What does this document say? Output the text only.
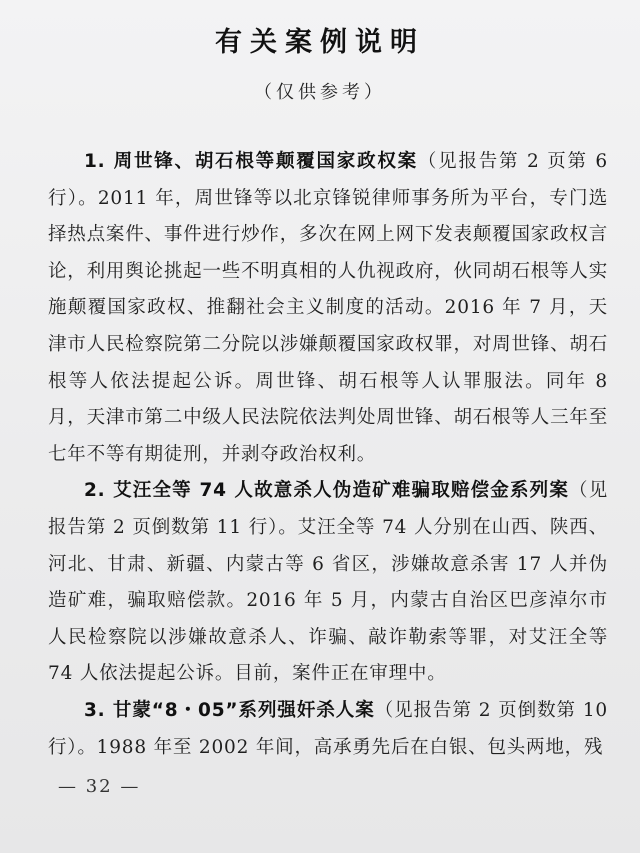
有关案例说明
（仅供参考）

1. 周世锋、胡石根等颠覆国家政权案（见报告第 2 页第 6 行）。2011 年，周世锋等以北京锋锐律师事务所为平台，专门选择热点案件、事件进行炒作，多次在网上网下发表颠覆国家政权言论，利用舆论挑起一些不明真相的人仇视政府，伙同胡石根等人实施颠覆国家政权、推翻社会主义制度的活动。2016 年 7 月，天津市人民检察院第二分院以涉嫌颠覆国家政权罪，对周世锋、胡石根等人依法提起公诉。周世锋、胡石根等人认罪服法。同年 8 月，天津市第二中级人民法院依法判处周世锋、胡石根等人三年至七年不等有期徒刑，并剥夺政治权利。

2. 艾汪全等 74 人故意杀人伪造矿难骗取赔偿金系列案（见报告第 2 页倒数第 11 行）。艾汪全等 74 人分别在山西、陕西、河北、甘肃、新疆、内蒙古等 6 省区，涉嫌故意杀害 17 人并伪造矿难，骗取赔偿款。2016 年 5 月，内蒙古自治区巴彦淖尔市人民检察院以涉嫌故意杀人、诈骗、敲诈勒索等罪，对艾汪全等 74 人依法提起公诉。目前，案件正在审理中。

3. 甘蒙“8・05”系列强奸杀人案（见报告第 2 页倒数第 10 行）。1988 年至 2002 年间，高承勇先后在白银、包头两地，残

— 32 —
